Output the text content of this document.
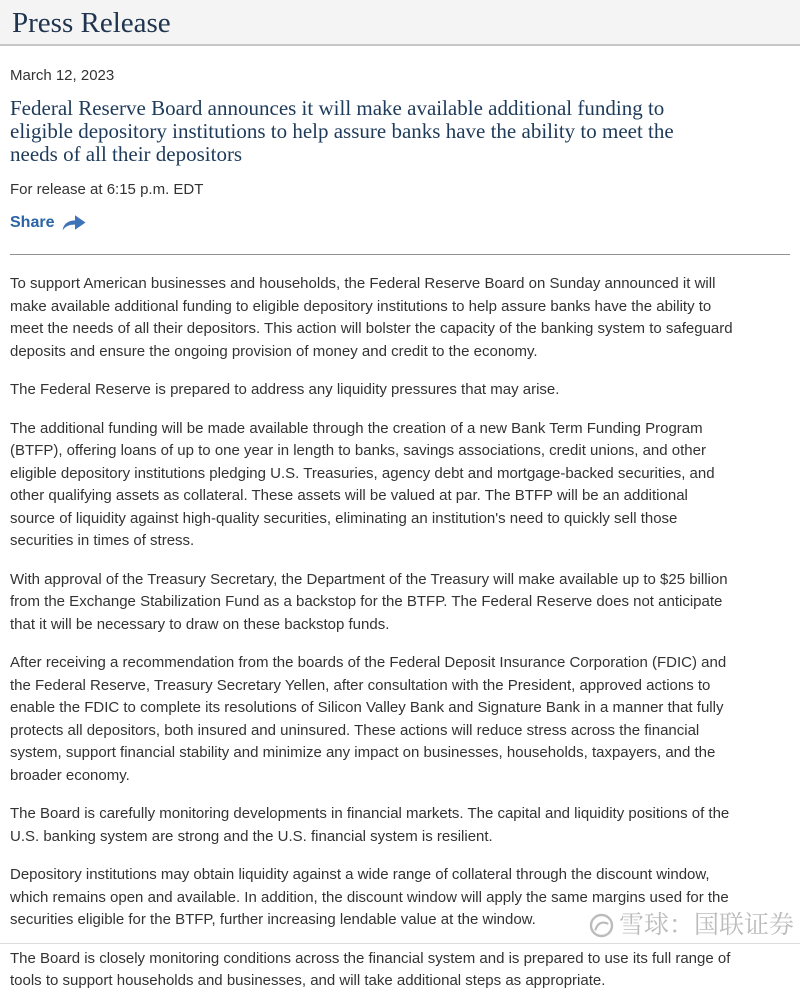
Press Release
March 12, 2023
Federal Reserve Board announces it will make available additional funding to eligible depository institutions to help assure banks have the ability to meet the needs of all their depositors
For release at 6:15 p.m. EDT
Share

To support American businesses and households, the Federal Reserve Board on Sunday announced it will make available additional funding to eligible depository institutions to help assure banks have the ability to meet the needs of all their depositors. This action will bolster the capacity of the banking system to safeguard deposits and ensure the ongoing provision of money and credit to the economy.

The Federal Reserve is prepared to address any liquidity pressures that may arise.

The additional funding will be made available through the creation of a new Bank Term Funding Program (BTFP), offering loans of up to one year in length to banks, savings associations, credit unions, and other eligible depository institutions pledging U.S. Treasuries, agency debt and mortgage-backed securities, and other qualifying assets as collateral. These assets will be valued at par. The BTFP will be an additional source of liquidity against high-quality securities, eliminating an institution's need to quickly sell those securities in times of stress.

With approval of the Treasury Secretary, the Department of the Treasury will make available up to $25 billion from the Exchange Stabilization Fund as a backstop for the BTFP. The Federal Reserve does not anticipate that it will be necessary to draw on these backstop funds.

After receiving a recommendation from the boards of the Federal Deposit Insurance Corporation (FDIC) and the Federal Reserve, Treasury Secretary Yellen, after consultation with the President, approved actions to enable the FDIC to complete its resolutions of Silicon Valley Bank and Signature Bank in a manner that fully protects all depositors, both insured and uninsured. These actions will reduce stress across the financial system, support financial stability and minimize any impact on businesses, households, taxpayers, and the broader economy.

The Board is carefully monitoring developments in financial markets. The capital and liquidity positions of the U.S. banking system are strong and the U.S. financial system is resilient.

Depository institutions may obtain liquidity against a wide range of collateral through the discount window, which remains open and available. In addition, the discount window will apply the same margins used for the securities eligible for the BTFP, further increasing lendable value at the window.

The Board is closely monitoring conditions across the financial system and is prepared to use its full range of tools to support households and businesses, and will take additional steps as appropriate.

雪球：国联证券
